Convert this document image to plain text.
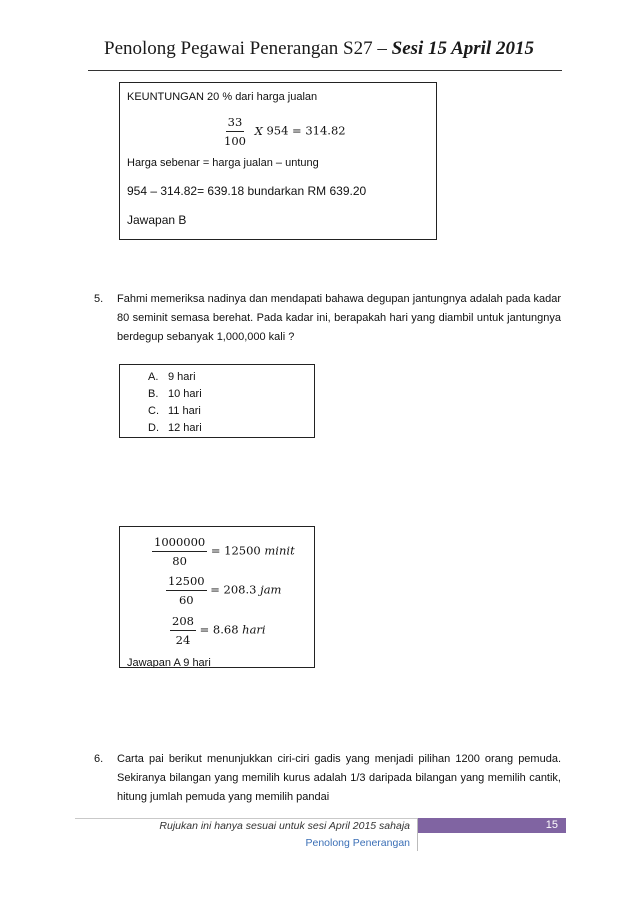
Penolong Pegawai Penerangan S27 – Sesi 15 April 2015
KEUNTUNGAN 20 % dari harga jualan
$\frac{33}{100}$ X 954 = 314.82
Harga sebenar = harga jualan – untung
954 – 314.82= 639.18 bundarkan RM 639.20
Jawapan B
5. Fahmi memeriksa nadinya dan mendapati bahawa degupan jantungnya adalah pada kadar 80 seminit semasa berehat. Pada kadar ini, berapakah hari yang diambil untuk jantungnya berdegup sebanyak 1,000,000 kali ?
A. 9 hari
B. 10 hari
C. 11 hari
D. 12 hari
$\frac{1000000}{80} = 12500$ minit
$\frac{12500}{60} = 208.3$ jam
$\frac{208}{24} = 8.68$ hari
Jawapan A 9 hari
6. Carta pai berikut menunjukkan ciri-ciri gadis yang menjadi pilihan 1200 orang pemuda. Sekiranya bilangan yang memilih kurus adalah 1/3 daripada bilangan yang memilih cantik, hitung jumlah pemuda yang memilih pandai
15
Rujukan ini hanya sesuai untuk sesi April 2015 sahaja
Penolong Penerangan
